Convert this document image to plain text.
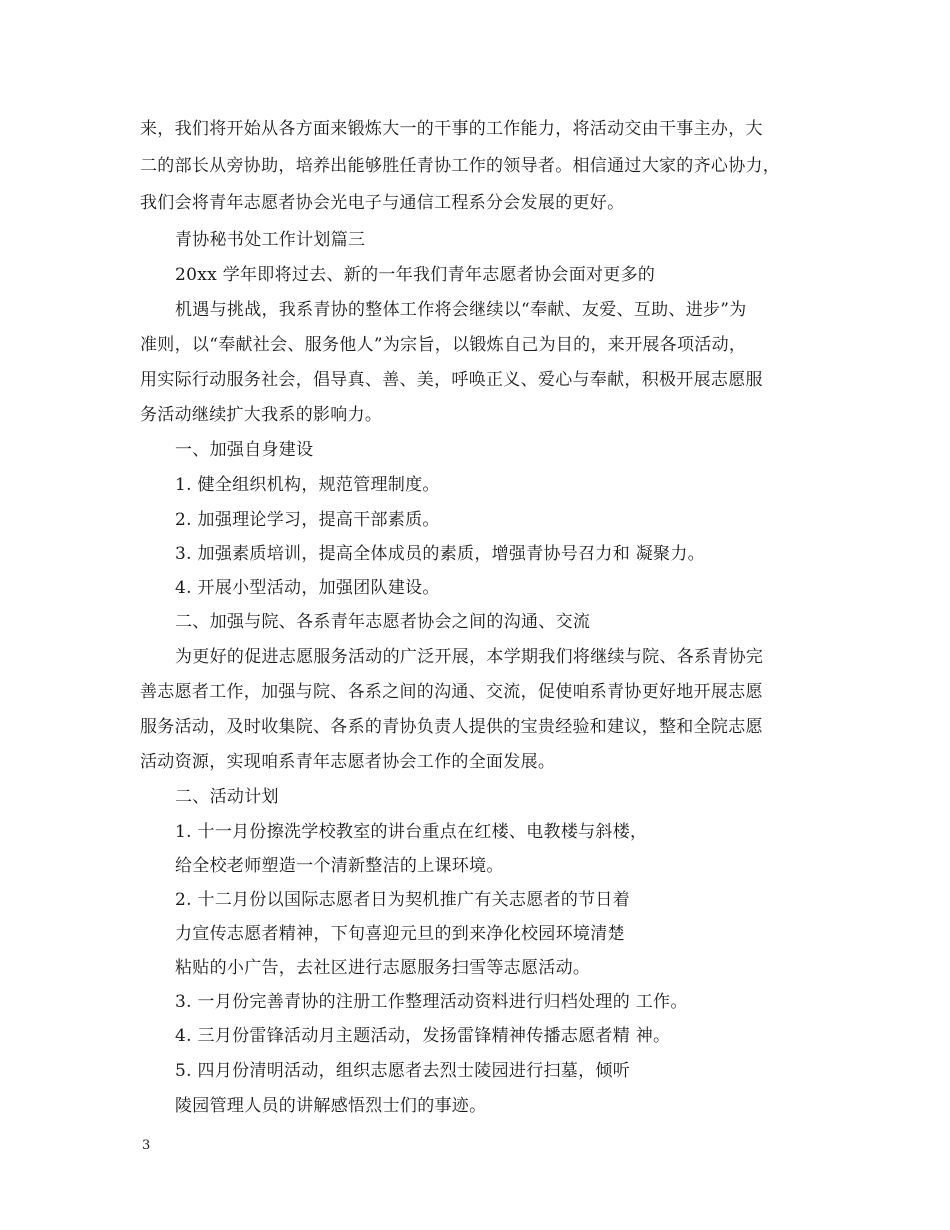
来，我们将开始从各方面来锻炼大一的干事的工作能力，将活动交由干事主办，大
二的部长从旁协助，培养出能够胜任青协工作的领导者。相信通过大家的齐心协力，
我们会将青年志愿者协会光电子与通信工程系分会发展的更好。
青协秘书处工作计划篇三
20xx 学年即将过去、新的一年我们青年志愿者协会面对更多的
机遇与挑战，我系青协的整体工作将会继续以“奉献、友爱、互助、进步”为
准则，以“奉献社会、服务他人”为宗旨，以锻炼自己为目的，来开展各项活动，
用实际行动服务社会，倡导真、善、美，呼唤正义、爱心与奉献，积极开展志愿服
务活动继续扩大我系的影响力。
一、加强自身建设
1. 健全组织机构，规范管理制度。
2. 加强理论学习，提高干部素质。
3. 加强素质培训，提高全体成员的素质，增强青协号召力和 凝聚力。
4. 开展小型活动，加强团队建设。
二、加强与院、各系青年志愿者协会之间的沟通、交流
为更好的促进志愿服务活动的广泛开展，本学期我们将继续与院、各系青协完
善志愿者工作，加强与院、各系之间的沟通、交流，促使咱系青协更好地开展志愿
服务活动，及时收集院、各系的青协负责人提供的宝贵经验和建议，整和全院志愿
活动资源，实现咱系青年志愿者协会工作的全面发展。
二、活动计划
1. 十一月份擦洗学校教室的讲台重点在红楼、电教楼与斜楼，
给全校老师塑造一个清新整洁的上课环境。
2. 十二月份以国际志愿者日为契机推广有关志愿者的节日着
力宣传志愿者精神，下旬喜迎元旦的到来净化校园环境清楚
粘贴的小广告，去社区进行志愿服务扫雪等志愿活动。
3. 一月份完善青协的注册工作整理活动资料进行归档处理的 工作。
4. 三月份雷锋活动月主题活动，发扬雷锋精神传播志愿者精 神。
5. 四月份清明活动，组织志愿者去烈士陵园进行扫墓，倾听
陵园管理人员的讲解感悟烈士们的事迹。
3
